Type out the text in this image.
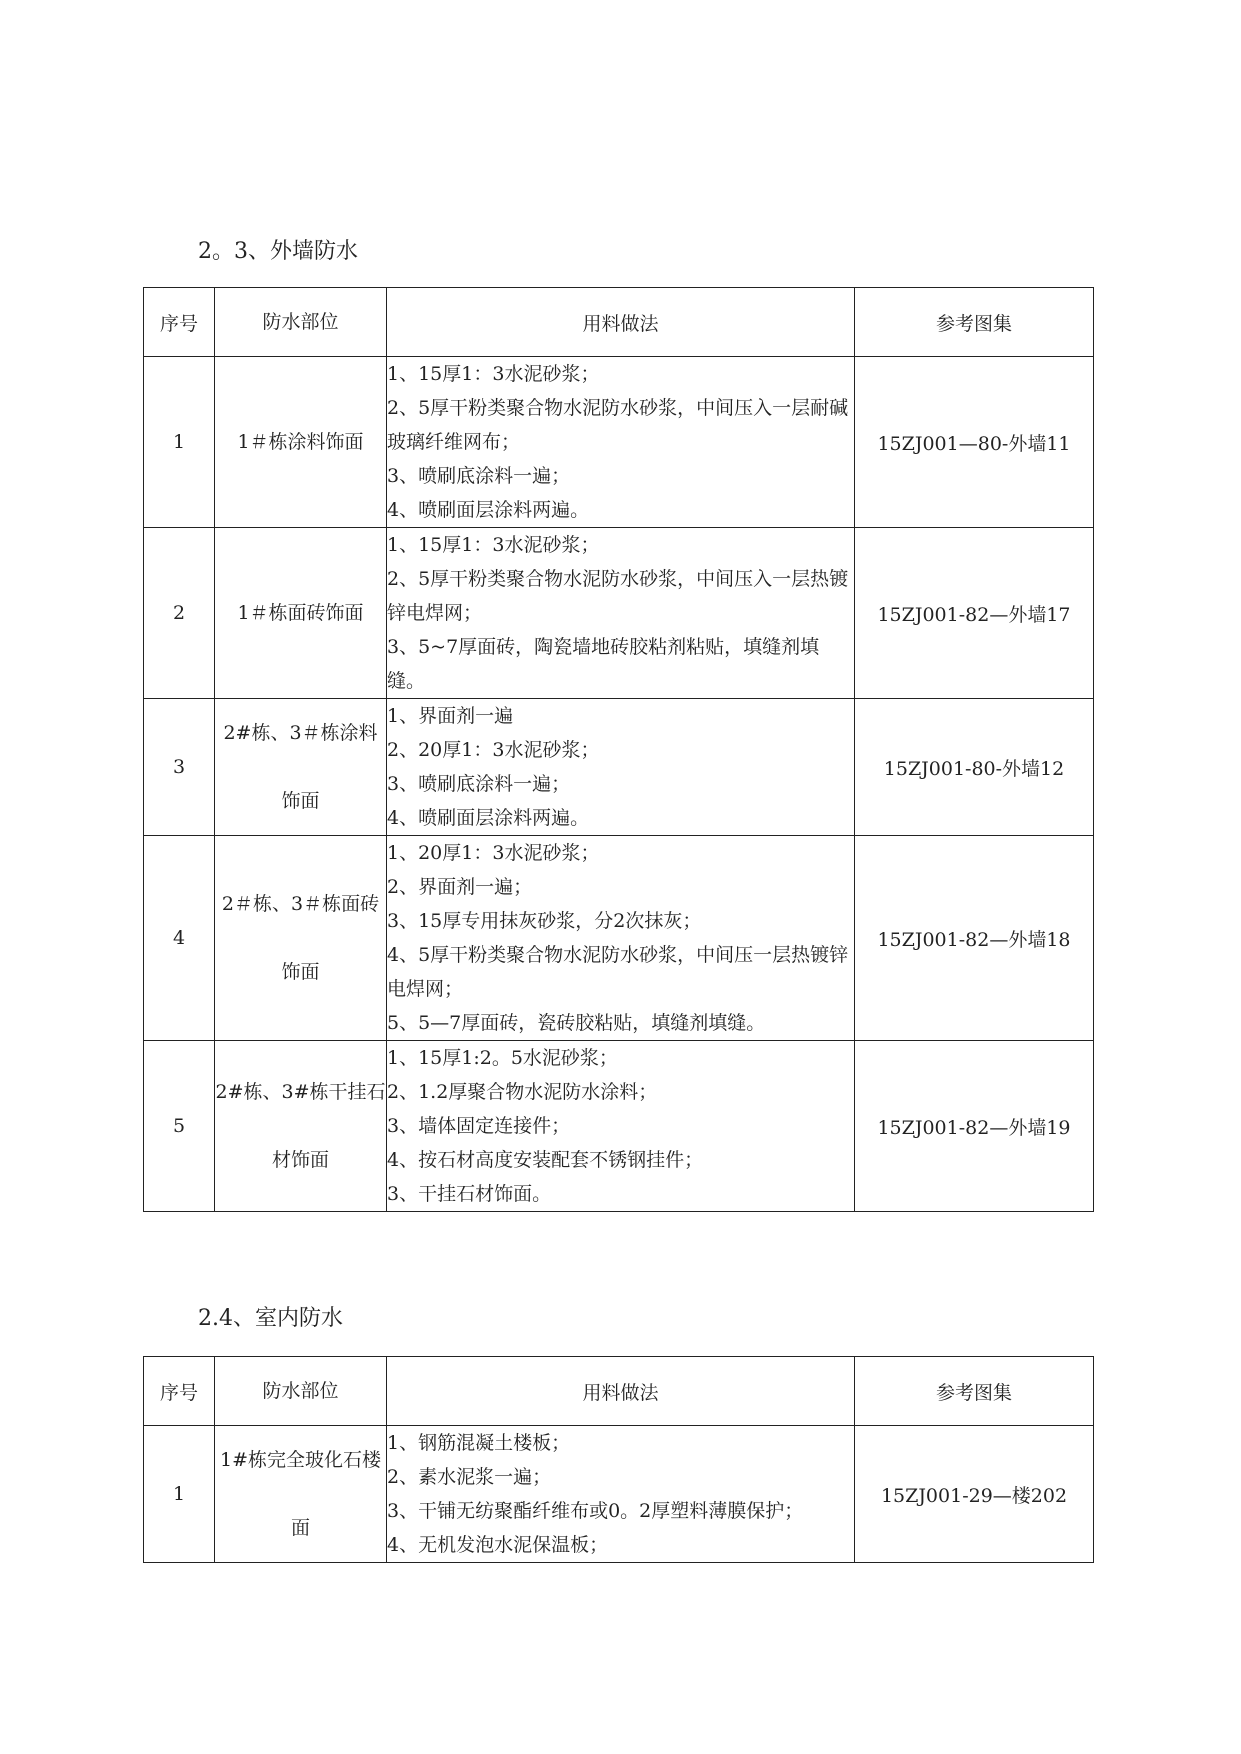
2。3、外墙防水
序号	防水部位	用料做法	参考图集
1	1＃栋涂料饰面	1、15厚1：3水泥砂浆；
2、5厚干粉类聚合物水泥防水砂浆，中间压入一层耐碱玻璃纤维网布；
3、喷刷底涂料一遍；
4、喷刷面层涂料两遍。	15ZJ001—80-外墙11
2	1＃栋面砖饰面	1、15厚1：3水泥砂浆；
2、5厚干粉类聚合物水泥防水砂浆，中间压入一层热镀锌电焊网；
3、5~7厚面砖，陶瓷墙地砖胶粘剂粘贴，填缝剂填缝。	15ZJ001-82—外墙17
3	2#栋、3＃栋涂料饰面	1、界面剂一遍
2、20厚1：3水泥砂浆；
3、喷刷底涂料一遍；
4、喷刷面层涂料两遍。	15ZJ001-80-外墙12
4	2＃栋、3＃栋面砖饰面	1、20厚1：3水泥砂浆；
2、界面剂一遍；
3、15厚专用抹灰砂浆，分2次抹灰；
4、5厚干粉类聚合物水泥防水砂浆，中间压一层热镀锌电焊网；
5、5—7厚面砖，瓷砖胶粘贴，填缝剂填缝。	15ZJ001-82—外墙18
5	2#栋、3#栋干挂石材饰面	1、15厚1:2。5水泥砂浆；
2、1.2厚聚合物水泥防水涂料；
3、墙体固定连接件；
4、按石材高度安装配套不锈钢挂件；
3、干挂石材饰面。	15ZJ001-82—外墙19
2.4、室内防水
序号	防水部位	用料做法	参考图集
1	1#栋完全玻化石楼面	1、钢筋混凝土楼板；
2、素水泥浆一遍；
3、干铺无纺聚酯纤维布或0。2厚塑料薄膜保护；
4、无机发泡水泥保温板；	15ZJ001-29—楼202
